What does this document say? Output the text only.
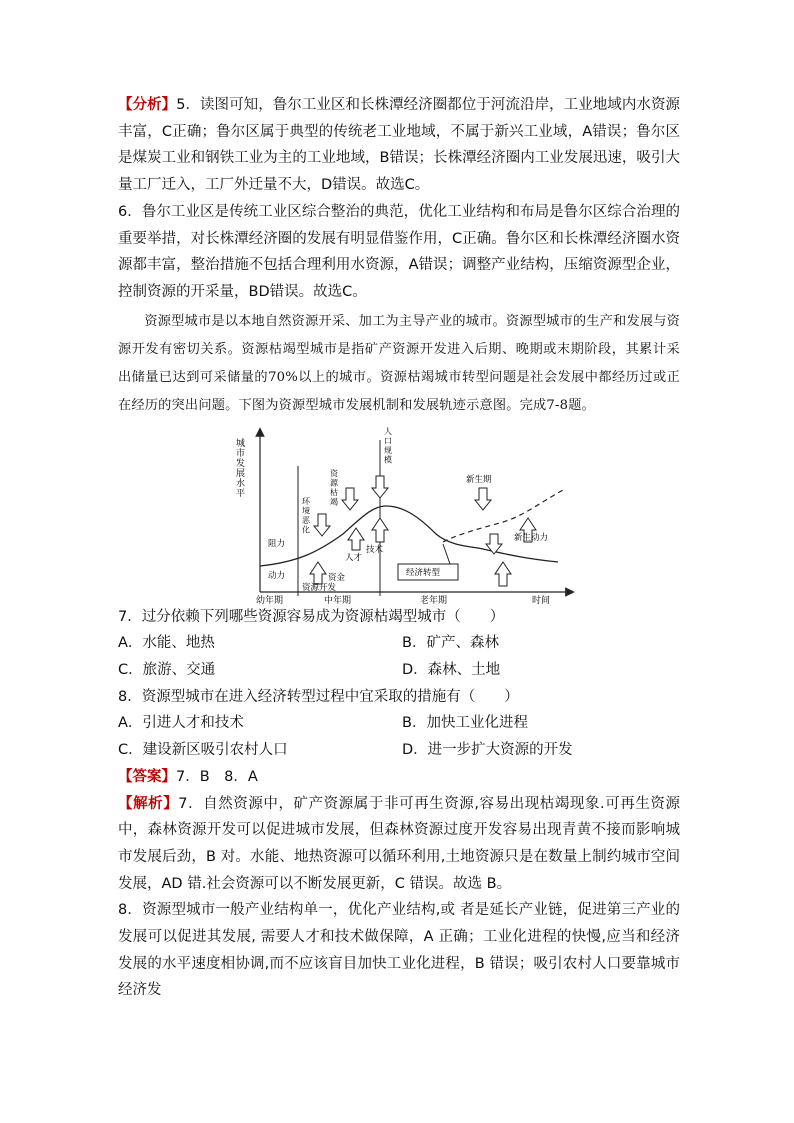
【分析】5．读图可知，鲁尔工业区和长株潭经济圈都位于河流沿岸，工业地域内水资源丰富，C正确；鲁尔区属于典型的传统老工业地域，不属于新兴工业域，A错误；鲁尔区是煤炭工业和钢铁工业为主的工业地域，B错误；长株潭经济圈内工业发展迅速，吸引大量工厂迁入，工厂外迁量不大，D错误。故选C。

6．鲁尔工业区是传统工业区综合整治的典范，优化工业结构和布局是鲁尔区综合治理的重要举措，对长株潭经济圈的发展有明显借鉴作用，C正确。鲁尔区和长株潭经济圈水资源都丰富，整治措施不包括合理利用水资源，A错误；调整产业结构，压缩资源型企业，控制资源的开采量，BD错误。故选C。

资源型城市是以本地自然资源开采、加工为主导产业的城市。资源型城市的生产和发展与资源开发有密切关系。资源枯竭型城市是指矿产资源开发进入后期、晚期或末期阶段，其累计采出储量已达到可采储量的70%以上的城市。资源枯竭城市转型问题是社会发展中都经历过或正在经历的突出问题。下图为资源型城市发展机制和发展轨迹示意图。完成7-8题。

城市发展水平
幼年期	中年期	老年期	时间
阻力
动力
环境恶化
资源枯竭
人才
人口规模
技术
资金
资源开发
经济转型
新生期
新生动力

7．过分依赖下列哪些资源容易成为资源枯竭型城市（　　）

A．水能、地热	B．矿产、森林

C．旅游、交通	D．森林、土地

8．资源型城市在进入经济转型过程中宜采取的措施有（　　）

A．引进人才和技术	B．加快工业化进程

C．建设新区吸引农村人口	D．进一步扩大资源的开发

【答案】7．B　8．A

【解析】7．自然资源中，矿产资源属于非可再生资源,容易出现枯竭现象.可再生资源中，森林资源开发可以促进城市发展，但森林资源过度开发容易出现青黄不接而影响城市发展后劲，B 对。水能、地热资源可以循环利用,土地资源只是在数量上制约城市空间发展，AD 错.社会资源可以不断发展更新，C 错误。故选 B。

8．资源型城市一般产业结构单一，优化产业结构,或 者是延长产业链，促进第三产业的发展可以促进其发展, 需要人才和技术做保障，A 正确；工业化进程的快慢,应当和经济发展的水平速度相协调,而不应该盲目加快工业化进程，B 错误；吸引农村人口要靠城市经济发
